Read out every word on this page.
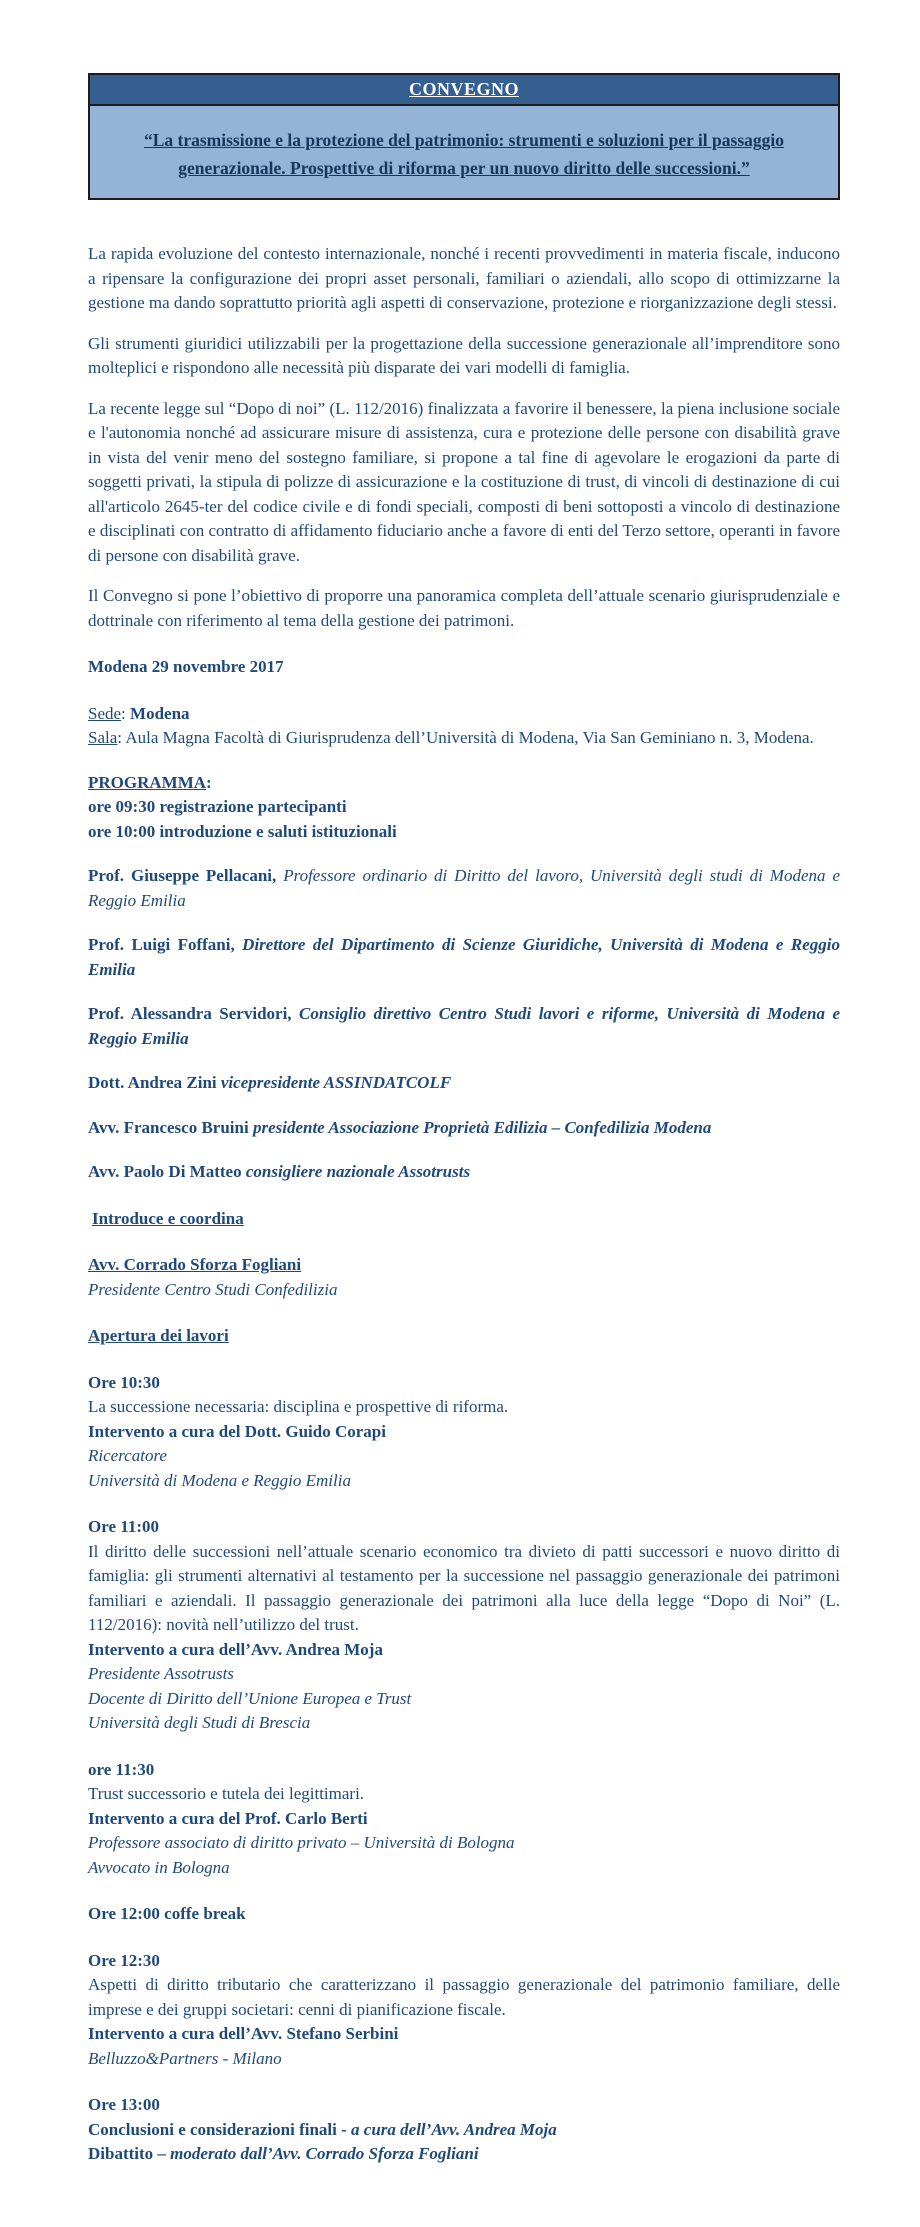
CONVEGNO
“La trasmissione e la protezione del patrimonio: strumenti e soluzioni per il passaggio generazionale. Prospettive di riforma per un nuovo diritto delle successioni.”

La rapida evoluzione del contesto internazionale, nonché i recenti provvedimenti in materia fiscale, inducono a ripensare la configurazione dei propri asset personali, familiari o aziendali, allo scopo di ottimizzarne la gestione ma dando soprattutto priorità agli aspetti di conservazione, protezione e riorganizzazione degli stessi.

Gli strumenti giuridici utilizzabili per la progettazione della successione generazionale all’imprenditore sono molteplici e rispondono alle necessità più disparate dei vari modelli di famiglia.

La recente legge sul “Dopo di noi” (L. 112/2016) finalizzata a favorire il benessere, la piena inclusione sociale e l'autonomia nonché ad assicurare misure di assistenza, cura e protezione delle persone con disabilità grave in vista del venir meno del sostegno familiare, si propone a tal fine di agevolare le erogazioni da parte di soggetti privati, la stipula di polizze di assicurazione e la costituzione di trust, di vincoli di destinazione di cui all'articolo 2645-ter del codice civile e di fondi speciali, composti di beni sottoposti a vincolo di destinazione e disciplinati con contratto di affidamento fiduciario anche a favore di enti del Terzo settore, operanti in favore di persone con disabilità grave.

Il Convegno si pone l’obiettivo di proporre una panoramica completa dell’attuale scenario giurisprudenziale e dottrinale con riferimento al tema della gestione dei patrimoni.

Modena 29 novembre 2017
Sede: Modena
Sala: Aula Magna Facoltà di Giurisprudenza dell’Università di Modena, Via San Geminiano n. 3, Modena.
PROGRAMMA:
ore 09:30 registrazione partecipanti
ore 10:00 introduzione e saluti istituzionali
Prof. Giuseppe Pellacani, Professore ordinario di Diritto del lavoro, Università degli studi di Modena e Reggio Emilia
Prof. Luigi Foffani, Direttore del Dipartimento di Scienze Giuridiche, Università di Modena e Reggio Emilia
Prof. Alessandra Servidori, Consiglio direttivo Centro Studi lavori e riforme, Università di Modena e Reggio Emilia
Dott. Andrea Zini vicepresidente ASSINDATCOLF
Avv. Francesco Bruini presidente Associazione Proprietà Edilizia – Confedilizia Modena
Avv. Paolo Di Matteo consigliere nazionale Assotrusts
Introduce e coordina
Avv. Corrado Sforza Fogliani
Presidente Centro Studi Confedilizia
Apertura dei lavori
Ore 10:30
La successione necessaria: disciplina e prospettive di riforma.
Intervento a cura del Dott. Guido Corapi
Ricercatore
Università di Modena e Reggio Emilia
Ore 11:00
Il diritto delle successioni nell’attuale scenario economico tra divieto di patti successori e nuovo diritto di famiglia: gli strumenti alternativi al testamento per la successione nel passaggio generazionale dei patrimoni familiari e aziendali. Il passaggio generazionale dei patrimoni alla luce della legge “Dopo di Noi” (L. 112/2016): novità nell’utilizzo del trust.
Intervento a cura dell’Avv. Andrea Moja
Presidente Assotrusts
Docente di Diritto dell’Unione Europea e Trust
Università degli Studi di Brescia
ore 11:30
Trust successorio e tutela dei legittimari.
Intervento a cura del Prof. Carlo Berti
Professore associato di diritto privato – Università di Bologna
Avvocato in Bologna
Ore 12:00 coffe break
Ore 12:30
Aspetti di diritto tributario che caratterizzano il passaggio generazionale del patrimonio familiare, delle imprese e dei gruppi societari: cenni di pianificazione fiscale.
Intervento a cura dell’Avv. Stefano Serbini
Belluzzo&Partners - Milano
Ore 13:00
Conclusioni e considerazioni finali - a cura dell’Avv. Andrea Moja
Dibattito – moderato dall’Avv. Corrado Sforza Fogliani
